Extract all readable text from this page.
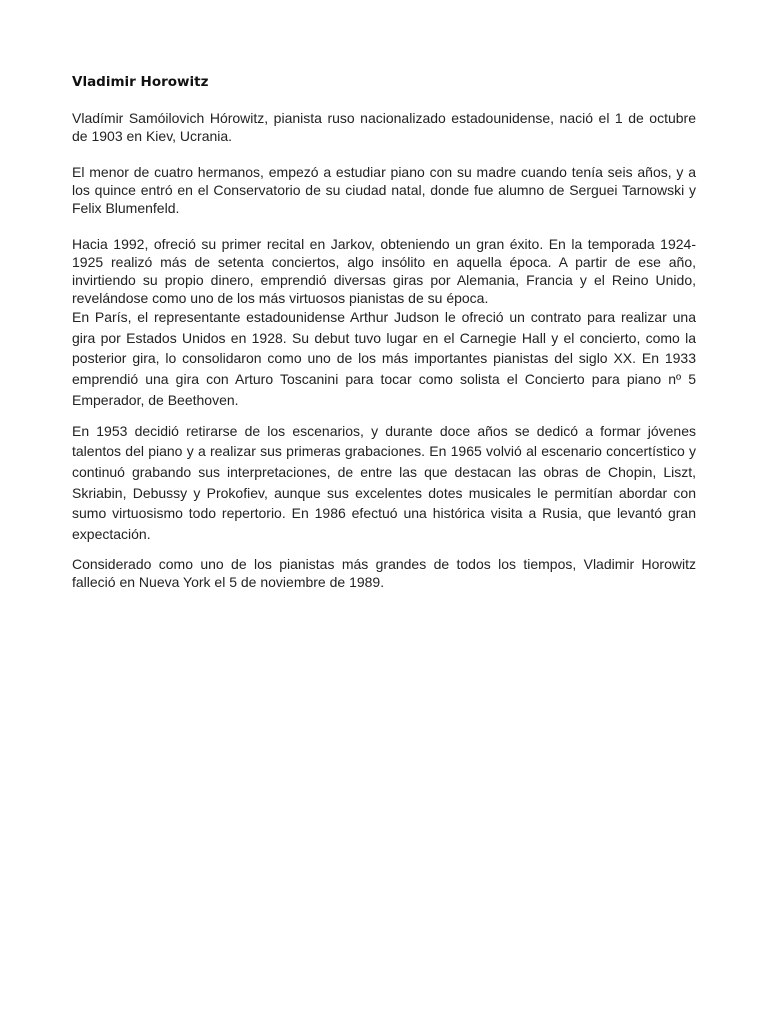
Vladimir Horowitz

Vladímir Samóilovich Hórowitz, pianista ruso nacionalizado estadounidense, nació el 1 de octubre de 1903 en Kiev, Ucrania.

El menor de cuatro hermanos, empezó a estudiar piano con su madre cuando tenía seis años, y a los quince entró en el Conservatorio de su ciudad natal, donde fue alumno de Serguei Tarnowski y Felix Blumenfeld.

Hacia 1992, ofreció su primer recital en Jarkov, obteniendo un gran éxito. En la temporada 1924-1925 realizó más de setenta conciertos, algo insólito en aquella época. A partir de ese año, invirtiendo su propio dinero, emprendió diversas giras por Alemania, Francia y el Reino Unido, revelándose como uno de los más virtuosos pianistas de su época.

En París, el representante estadounidense Arthur Judson le ofreció un contrato para realizar una gira por Estados Unidos en 1928. Su debut tuvo lugar en el Carnegie Hall y el concierto, como la posterior gira, lo consolidaron como uno de los más importantes pianistas del siglo XX. En 1933 emprendió una gira con Arturo Toscanini para tocar como solista el Concierto para piano nº 5 Emperador, de Beethoven.

En 1953 decidió retirarse de los escenarios, y durante doce años se dedicó a formar jóvenes talentos del piano y a realizar sus primeras grabaciones. En 1965 volvió al escenario concertístico y continuó grabando sus interpretaciones, de entre las que destacan las obras de Chopin, Liszt, Skriabin, Debussy y Prokofiev, aunque sus excelentes dotes musicales le permitían abordar con sumo virtuosismo todo repertorio. En 1986 efectuó una histórica visita a Rusia, que levantó gran expectación.

Considerado como uno de los pianistas más grandes de todos los tiempos, Vladimir Horowitz falleció en Nueva York el 5 de noviembre de 1989.
